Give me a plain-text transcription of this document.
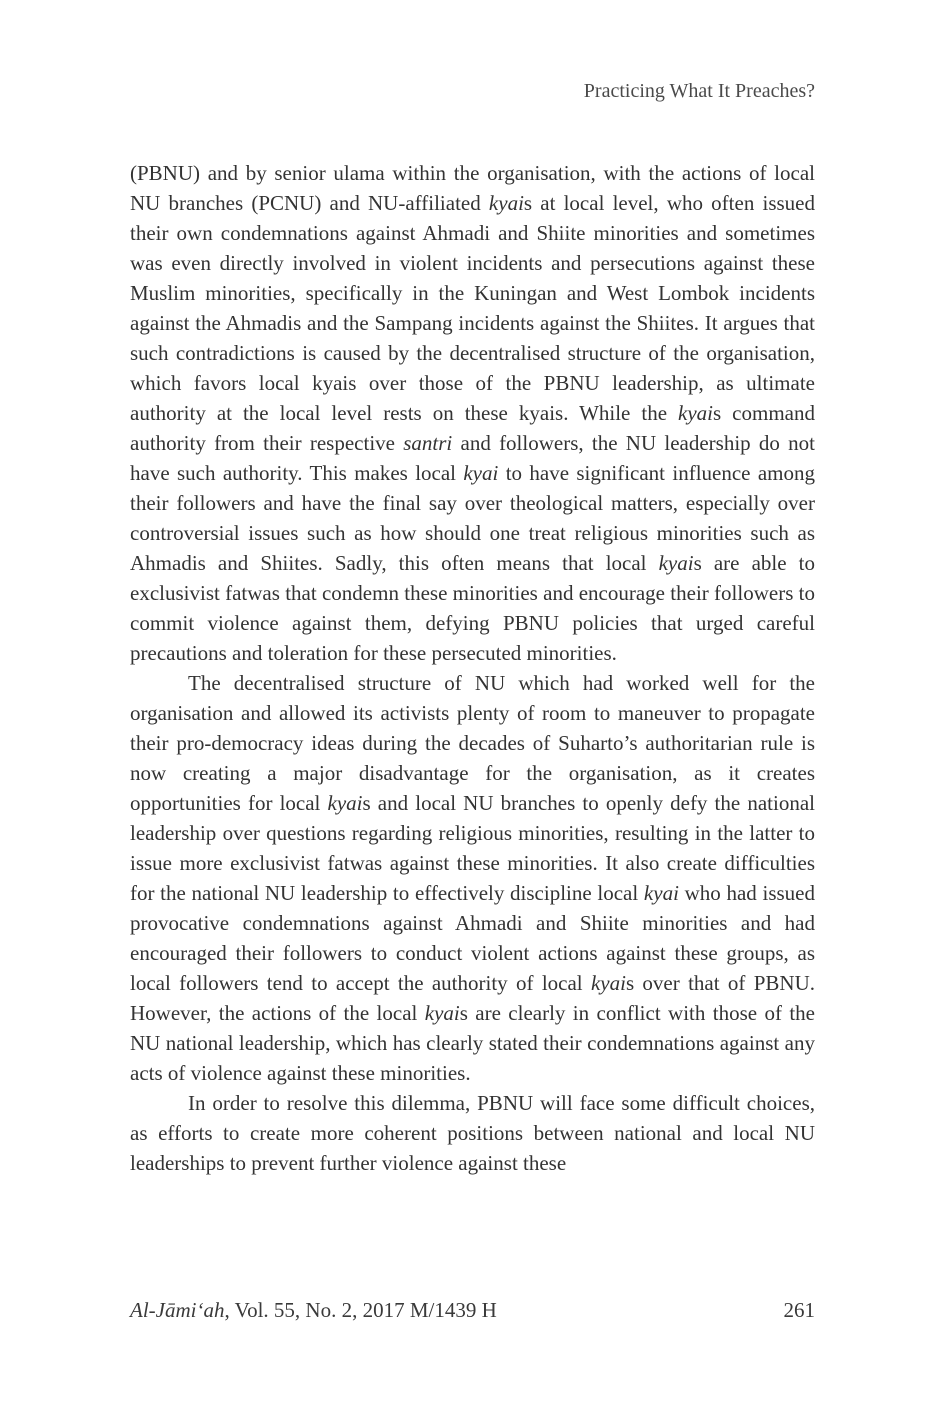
Practicing What It Preaches?

(PBNU) and by senior ulama within the organisation, with the actions of local NU branches (PCNU) and NU-affiliated kyais at local level, who often issued their own condemnations against Ahmadi and Shiite minorities and sometimes was even directly involved in violent incidents and persecutions against these Muslim minorities, specifically in the Kuningan and West Lombok incidents against the Ahmadis and the Sampang incidents against the Shiites. It argues that such contradictions is caused by the decentralised structure of the organisation, which favors local kyais over those of the PBNU leadership, as ultimate authority at the local level rests on these kyais. While the kyais command authority from their respective santri and followers, the NU leadership do not have such authority. This makes local kyai to have significant influence among their followers and have the final say over theological matters, especially over controversial issues such as how should one treat religious minorities such as Ahmadis and Shiites. Sadly, this often means that local kyais are able to exclusivist fatwas that condemn these minorities and encourage their followers to commit violence against them, defying PBNU policies that urged careful precautions and toleration for these persecuted minorities.

The decentralised structure of NU which had worked well for the organisation and allowed its activists plenty of room to maneuver to propagate their pro-democracy ideas during the decades of Suharto’s authoritarian rule is now creating a major disadvantage for the organisation, as it creates opportunities for local kyais and local NU branches to openly defy the national leadership over questions regarding religious minorities, resulting in the latter to issue more exclusivist fatwas against these minorities. It also create difficulties for the national NU leadership to effectively discipline local kyai who had issued provocative condemnations against Ahmadi and Shiite minorities and had encouraged their followers to conduct violent actions against these groups, as local followers tend to accept the authority of local kyais over that of PBNU. However, the actions of the local kyais are clearly in conflict with those of the NU national leadership, which has clearly stated their condemnations against any acts of violence against these minorities.

In order to resolve this dilemma, PBNU will face some difficult choices, as efforts to create more coherent positions between national and local NU leaderships to prevent further violence against these

Al-Jāmi‘ah, Vol. 55, No. 2, 2017 M/1439 H	261
